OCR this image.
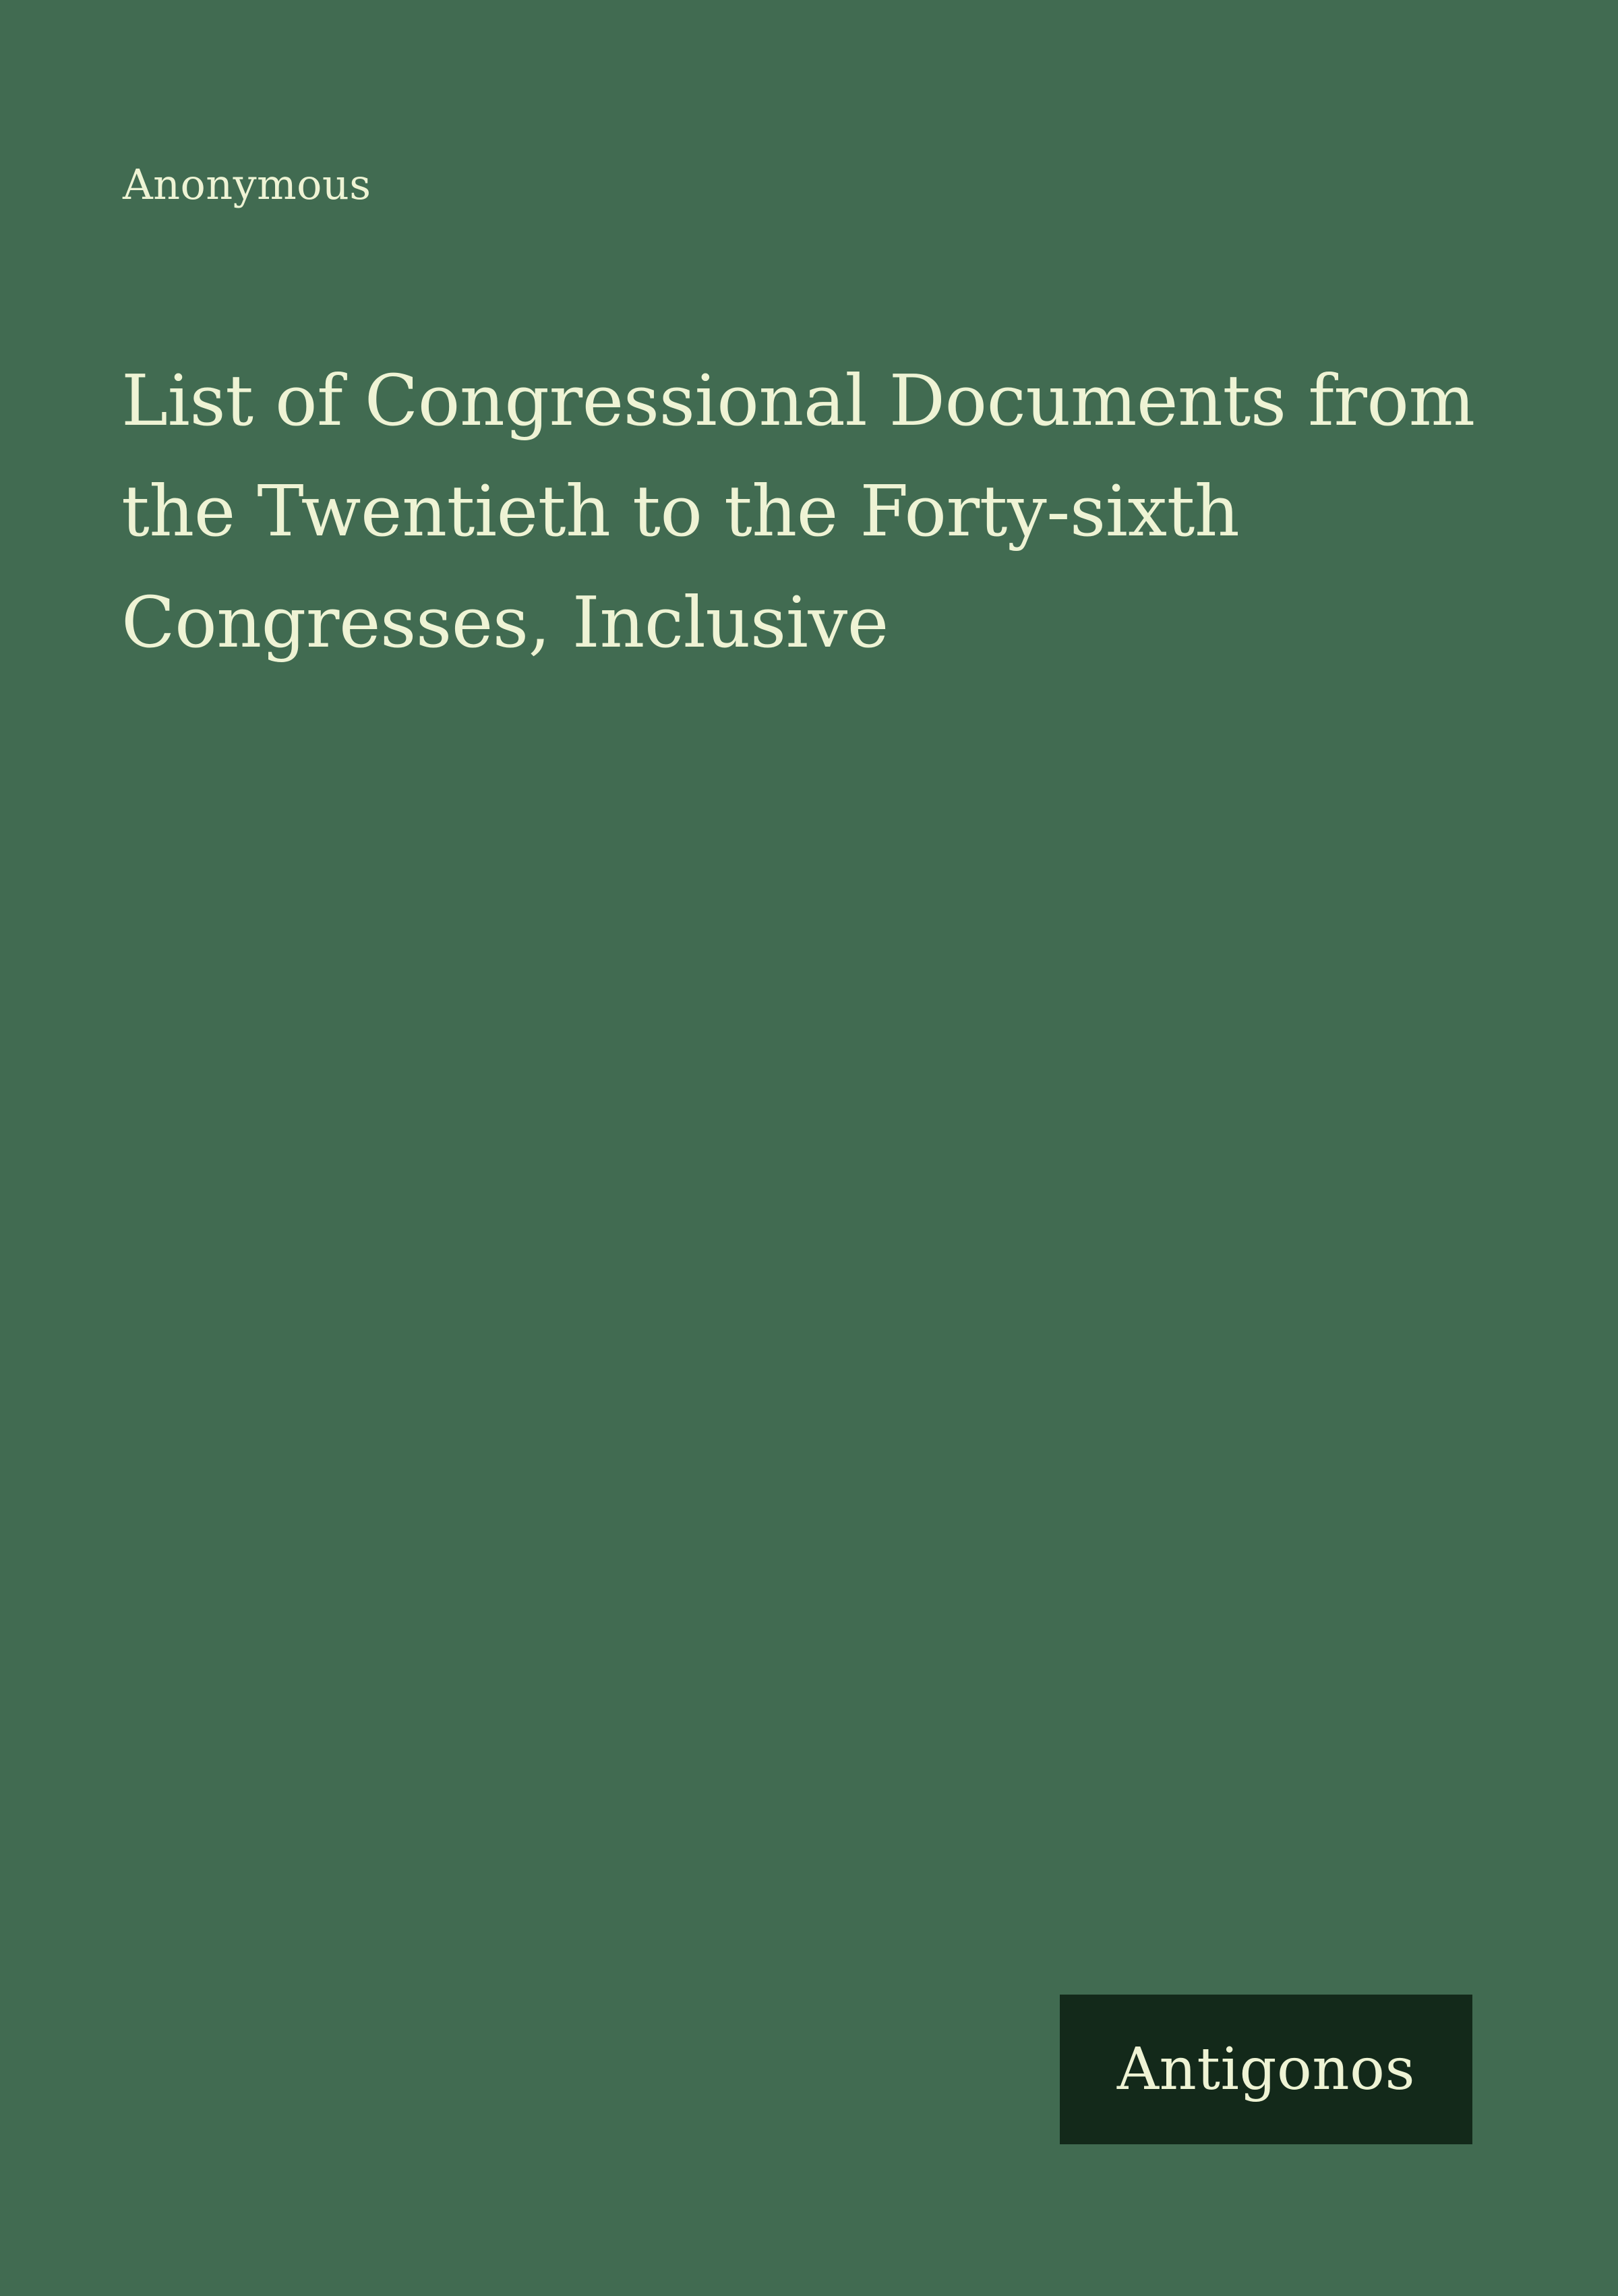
Anonymous
List of Congressional Documents from the Twentieth to the Forty-sixth Congresses, Inclusive
Antigonos
